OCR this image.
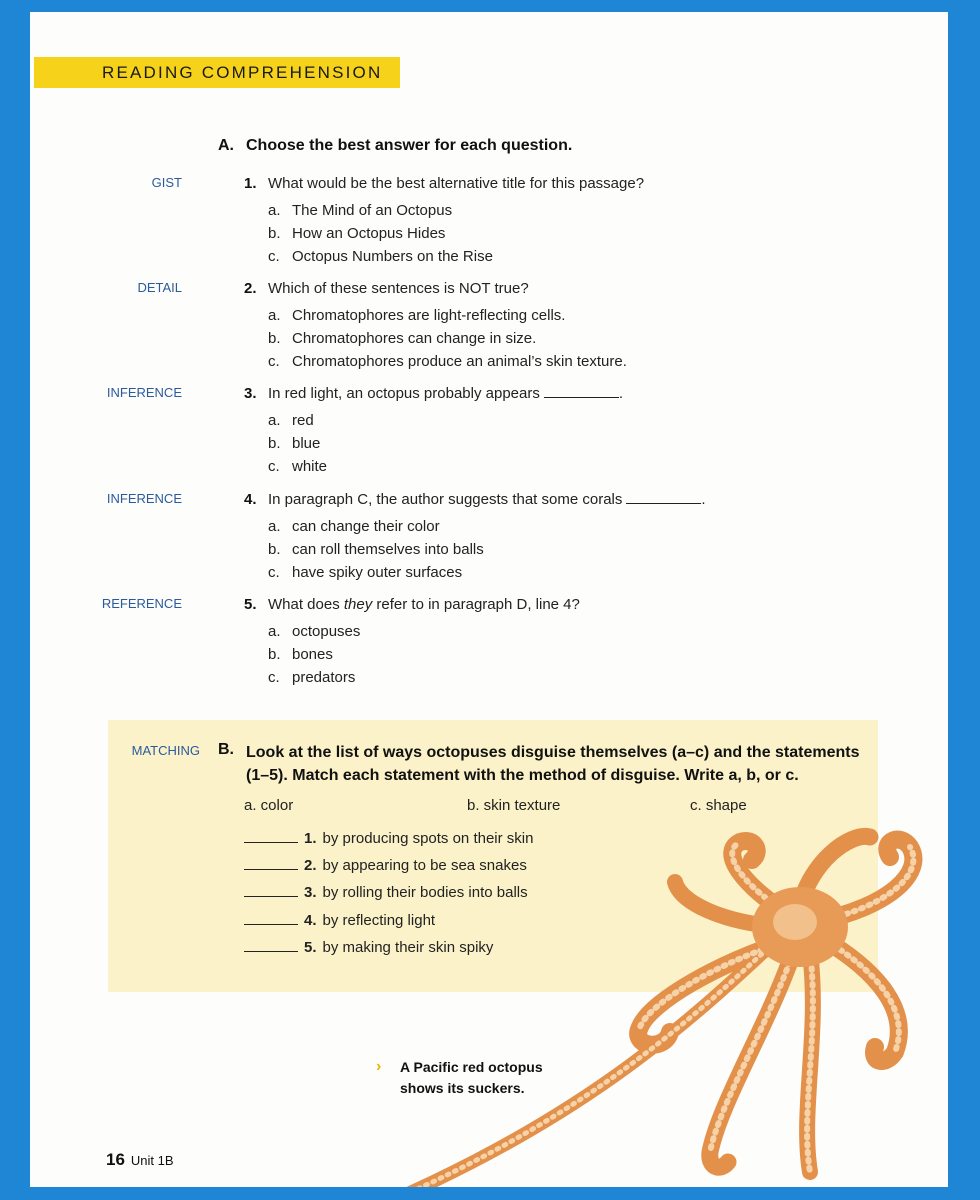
READING COMPREHENSION
A. Choose the best answer for each question.
GIST	1. What would be the best alternative title for this passage?
a. The Mind of an Octopus
b. How an Octopus Hides
c. Octopus Numbers on the Rise
DETAIL	2. Which of these sentences is NOT true?
a. Chromatophores are light-reflecting cells.
b. Chromatophores can change in size.
c. Chromatophores produce an animal’s skin texture.
INFERENCE	3. In red light, an octopus probably appears	.
a. red
b. blue
c. white
INFERENCE	4. In paragraph C, the author suggests that some corals	.
a. can change their color
b. can roll themselves into balls
c. have spiky outer surfaces
REFERENCE	5. What does they refer to in paragraph D, line 4?
a. octopuses
b. bones
c. predators
MATCHING B. Look at the list of ways octopuses disguise themselves (a–c) and the statements (1–5). Match each statement with the method of disguise. Write a, b, or c.
a. color	b. skin texture	c. shape
1. by producing spots on their skin
2. by appearing to be sea snakes
3. by rolling their bodies into balls
4. by reflecting light
5. by making their skin spiky
› A Pacific red octopus
shows its suckers.
16 Unit 1B
